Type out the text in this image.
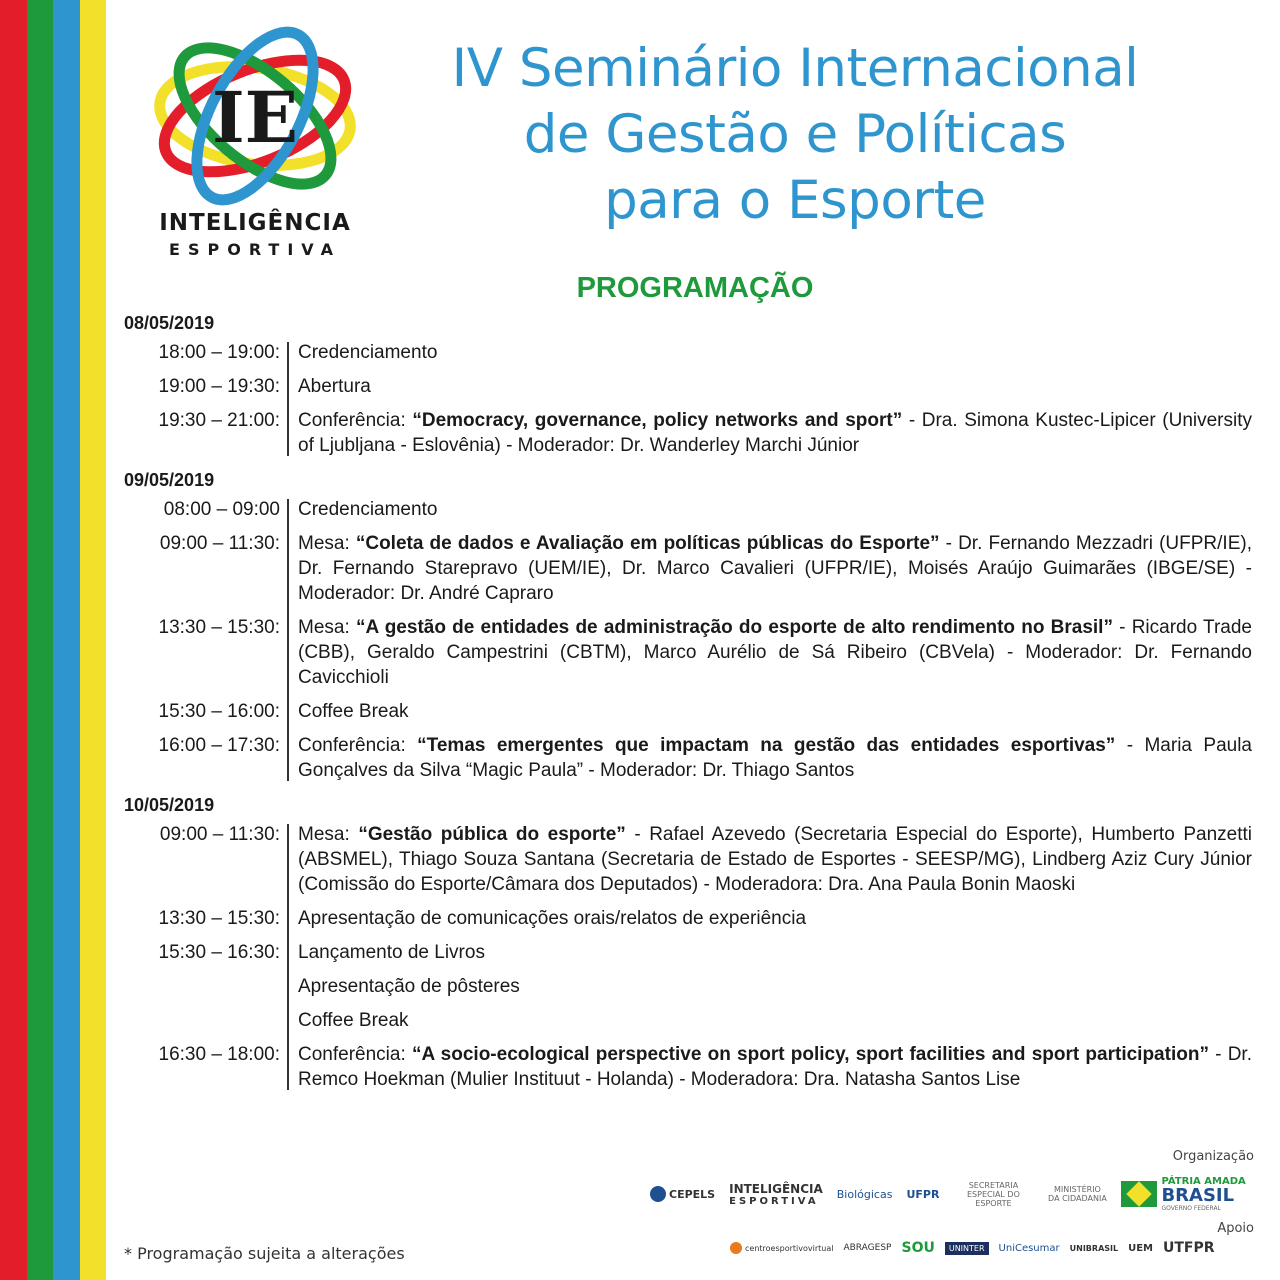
IE
INTELIGÊNCIA
ESPORTIVA
IV Seminário Internacional
de Gestão e Políticas
para o Esporte
PROGRAMAÇÃO
08/05/2019
18:00 – 19:00: Credenciamento
19:00 – 19:30: Abertura
19:30 – 21:00: Conferência: “Democracy, governance, policy networks and sport” - Dra. Simona Kustec-Lipicer (University of Ljubljana - Eslovênia) - Moderador: Dr. Wanderley Marchi Júnior
09/05/2019
08:00 – 09:00 Credenciamento
09:00 – 11:30: Mesa: “Coleta de dados e Avaliação em políticas públicas do Esporte” - Dr. Fernando Mezzadri (UFPR/IE), Dr. Fernando Starepravo (UEM/IE), Dr. Marco Cavalieri (UFPR/IE), Moisés Araújo Guimarães (IBGE/SE) - Moderador: Dr. André Capraro
13:30 – 15:30: Mesa: “A gestão de entidades de administração do esporte de alto rendimento no Brasil” - Ricardo Trade (CBB), Geraldo Campestrini (CBTM), Marco Aurélio de Sá Ribeiro (CBVela) - Moderador: Dr. Fernando Cavicchioli
15:30 – 16:00: Coffee Break
16:00 – 17:30: Conferência: “Temas emergentes que impactam na gestão das entidades esportivas” - Maria Paula Gonçalves da Silva “Magic Paula” - Moderador: Dr. Thiago Santos
10/05/2019
09:00 – 11:30: Mesa: “Gestão pública do esporte” - Rafael Azevedo (Secretaria Especial do Esporte), Humberto Panzetti (ABSMEL), Thiago Souza Santana (Secretaria de Estado de Esportes - SEESP/MG), Lindberg Aziz Cury Júnior (Comissão do Esporte/Câmara dos Deputados) - Moderadora: Dra. Ana Paula Bonin Maoski
13:30 – 15:30: Apresentação de comunicações orais/relatos de experiência
15:30 – 16:30: Lançamento de Livros
Apresentação de pôsteres
Coffee Break
16:30 – 18:00: Conferência: “A socio-ecological perspective on sport policy, sport facilities and sport participation” - Dr. Remco Hoekman (Mulier Instituut - Holanda) - Moderadora: Dra. Natasha Santos Lise
* Programação sujeita a alterações
Organização
CEPELS INTELIGÊNCIA
ESPORTIVA
Biológicas UFPR
SECRETARIA ESPECIAL DO ESPORTE
MINISTÉRIO DA CIDADANIA
PÁTRIA AMADA
BRASIL
GOVERNO FEDERAL
Apoio
centroesportivovirtual ABRAGESP SOU	UNINTER	UniCesumar UNIBRASIL UEM UTFPR
